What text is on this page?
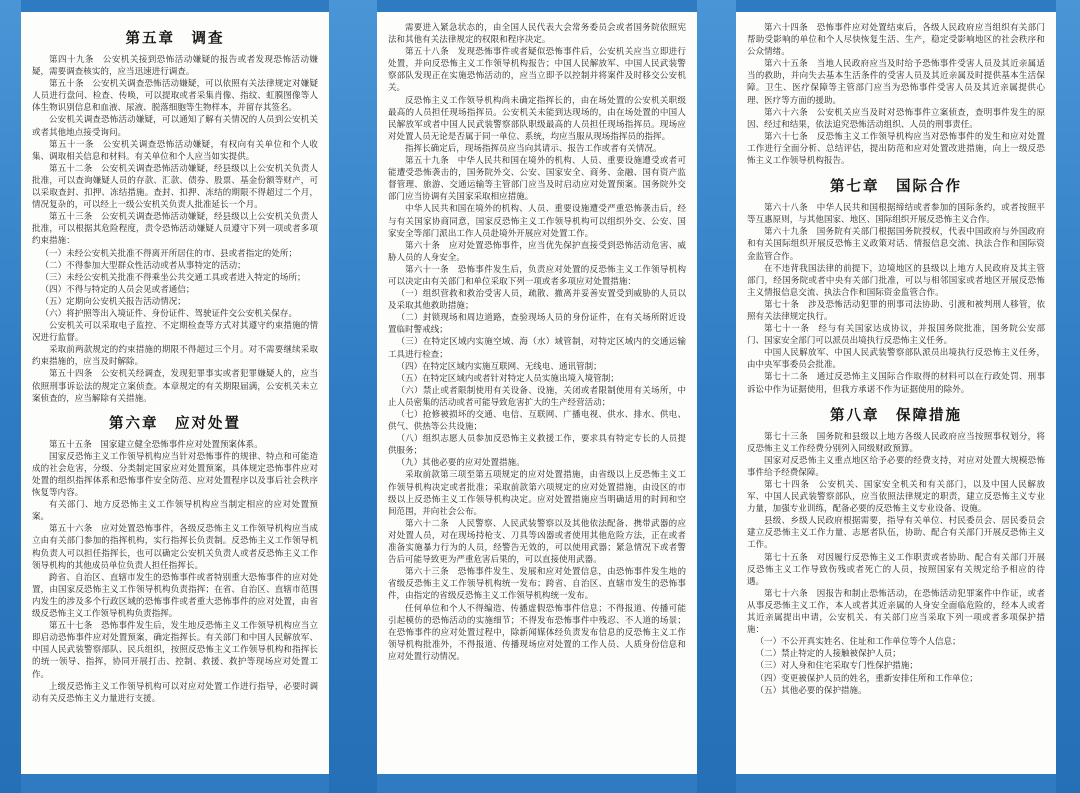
第五章　调查

第四十九条　公安机关接到恐怖活动嫌疑的报告或者发现恐怖活动嫌疑，需要调查核实的，应当迅速进行调查。

第五十条　公安机关调查恐怖活动嫌疑，可以依照有关法律规定对嫌疑人员进行盘问、检查、传唤，可以提取或者采集肖像、指纹、虹膜图像等人体生物识别信息和血液、尿液、脱落细胞等生物样本，并留存其签名。

公安机关调查恐怖活动嫌疑，可以通知了解有关情况的人员到公安机关或者其他地点接受询问。

第五十一条　公安机关调查恐怖活动嫌疑，有权向有关单位和个人收集、调取相关信息和材料。有关单位和个人应当如实提供。

第五十二条　公安机关调查恐怖活动嫌疑，经县级以上公安机关负责人批准，可以查询嫌疑人员的存款、汇款、债券、股票、基金份额等财产，可以采取查封、扣押、冻结措施。查封、扣押、冻结的期限不得超过二个月，情况复杂的，可以经上一级公安机关负责人批准延长一个月。

第五十三条　公安机关调查恐怖活动嫌疑，经县级以上公安机关负责人批准，可以根据其危险程度，责令恐怖活动嫌疑人员遵守下列一项或者多项约束措施：

（一）未经公安机关批准不得离开所居住的市、县或者指定的处所；

（二）不得参加大型群众性活动或者从事特定的活动；

（三）未经公安机关批准不得乘坐公共交通工具或者进入特定的场所；

（四）不得与特定的人员会见或者通信；

（五）定期向公安机关报告活动情况；

（六）将护照等出入境证件、身份证件、驾驶证件交公安机关保存。

公安机关可以采取电子监控、不定期检查等方式对其遵守约束措施的情况进行监督。

采取前两款规定的约束措施的期限不得超过三个月。对不需要继续采取约束措施的，应当及时解除。

第五十四条　公安机关经调查，发现犯罪事实或者犯罪嫌疑人的，应当依照刑事诉讼法的规定立案侦查。本章规定的有关期限届满，公安机关未立案侦查的，应当解除有关措施。

第六章　应对处置

第五十五条　国家建立健全恐怖事件应对处置预案体系。

国家反恐怖主义工作领导机构应当针对恐怖事件的规律、特点和可能造成的社会危害，分级、分类制定国家应对处置预案，具体规定恐怖事件应对处置的组织指挥体系和恐怖事件安全防范、应对处置程序以及事后社会秩序恢复等内容。

有关部门、地方反恐怖主义工作领导机构应当制定相应的应对处置预案。

第五十六条　应对处置恐怖事件，各级反恐怖主义工作领导机构应当成立由有关部门参加的指挥机构，实行指挥长负责制。反恐怖主义工作领导机构负责人可以担任指挥长，也可以确定公安机关负责人或者反恐怖主义工作领导机构的其他成员单位负责人担任指挥长。

跨省、自治区、直辖市发生的恐怖事件或者特别重大恐怖事件的应对处置，由国家反恐怖主义工作领导机构负责指挥；在省、自治区、直辖市范围内发生的涉及多个行政区域的恐怖事件或者重大恐怖事件的应对处置，由省级反恐怖主义工作领导机构负责指挥。

第五十七条　恐怖事件发生后，发生地反恐怖主义工作领导机构应当立即启动恐怖事件应对处置预案，确定指挥长。有关部门和中国人民解放军、中国人民武装警察部队、民兵组织，按照反恐怖主义工作领导机构和指挥长的统一领导、指挥，协同开展打击、控制、救援、救护等现场应对处置工作。

上级反恐怖主义工作领导机构可以对应对处置工作进行指导，必要时调动有关反恐怖主义力量进行支援。

需要进入紧急状态的，由全国人民代表大会常务委员会或者国务院依照宪法和其他有关法律规定的权限和程序决定。

第五十八条　发现恐怖事件或者疑似恐怖事件后，公安机关应当立即进行处置，并向反恐怖主义工作领导机构报告；中国人民解放军、中国人民武装警察部队发现正在实施恐怖活动的，应当立即予以控制并将案件及时移交公安机关。

反恐怖主义工作领导机构尚未确定指挥长的，由在场处置的公安机关职级最高的人员担任现场指挥员。公安机关未能到达现场的，由在场处置的中国人民解放军或者中国人民武装警察部队职级最高的人员担任现场指挥员。现场应对处置人员无论是否属于同一单位、系统，均应当服从现场指挥员的指挥。

指挥长确定后，现场指挥员应当向其请示、报告工作或者有关情况。

第五十九条　中华人民共和国在境外的机构、人员、重要设施遭受或者可能遭受恐怖袭击的，国务院外交、公安、国家安全、商务、金融、国有资产监督管理、旅游、交通运输等主管部门应当及时启动应对处置预案。国务院外交部门应当协调有关国家采取相应措施。

中华人民共和国在境外的机构、人员、重要设施遭受严重恐怖袭击后，经与有关国家协商同意，国家反恐怖主义工作领导机构可以组织外交、公安、国家安全等部门派出工作人员赴境外开展应对处置工作。

第六十条　应对处置恐怖事件，应当优先保护直接受到恐怖活动危害、威胁人员的人身安全。

第六十一条　恐怖事件发生后，负责应对处置的反恐怖主义工作领导机构可以决定由有关部门和单位采取下列一项或者多项应对处置措施：

（一）组织营救和救治受害人员，疏散、撤离并妥善安置受到威胁的人员以及采取其他救助措施；

（二）封锁现场和周边道路，查验现场人员的身份证件，在有关场所附近设置临时警戒线；

（三）在特定区域内实施空域、海（水）域管制，对特定区域内的交通运输工具进行检查；

（四）在特定区域内实施互联网、无线电、通讯管制；

（五）在特定区域内或者针对特定人员实施出境入境管制；

（六）禁止或者限制使用有关设备、设施，关闭或者限制使用有关场所，中止人员密集的活动或者可能导致危害扩大的生产经营活动；

（七）抢修被损坏的交通、电信、互联网、广播电视、供水、排水、供电、供气、供热等公共设施；

（八）组织志愿人员参加反恐怖主义救援工作，要求具有特定专长的人员提供服务；

（九）其他必要的应对处置措施。

采取前款第三项至第五项规定的应对处置措施，由省级以上反恐怖主义工作领导机构决定或者批准；采取前款第六项规定的应对处置措施，由设区的市级以上反恐怖主义工作领导机构决定。应对处置措施应当明确适用的时间和空间范围，并向社会公布。

第六十二条　人民警察、人民武装警察以及其他依法配备、携带武器的应对处置人员，对在现场持枪支、刀具等凶器或者使用其他危险方法，正在或者准备实施暴力行为的人员，经警告无效的，可以使用武器；紧急情况下或者警告后可能导致更为严重危害后果的，可以直接使用武器。

第六十三条　恐怖事件发生、发展和应对处置信息，由恐怖事件发生地的省级反恐怖主义工作领导机构统一发布；跨省、自治区、直辖市发生的恐怖事件，由指定的省级反恐怖主义工作领导机构统一发布。

任何单位和个人不得编造、传播虚假恐怖事件信息；不得报道、传播可能引起模仿的恐怖活动的实施细节；不得发布恐怖事件中残忍、不人道的场景；在恐怖事件的应对处置过程中，除新闻媒体经负责发布信息的反恐怖主义工作领导机构批准外，不得报道、传播现场应对处置的工作人员、人质身份信息和应对处置行动情况。

第六十四条　恐怖事件应对处置结束后，各级人民政府应当组织有关部门帮助受影响的单位和个人尽快恢复生活、生产，稳定受影响地区的社会秩序和公众情绪。

第六十五条　当地人民政府应当及时给予恐怖事件受害人员及其近亲属适当的救助，并向失去基本生活条件的受害人员及其近亲属及时提供基本生活保障。卫生、医疗保障等主管部门应当为恐怖事件受害人员及其近亲属提供心理、医疗等方面的援助。

第六十六条　公安机关应当及时对恐怖事件立案侦查，查明事件发生的原因、经过和结果，依法追究恐怖活动组织、人员的刑事责任。

第六十七条　反恐怖主义工作领导机构应当对恐怖事件的发生和应对处置工作进行全面分析、总结评估，提出防范和应对处置改进措施，向上一级反恐怖主义工作领导机构报告。

第七章　国际合作

第六十八条　中华人民共和国根据缔结或者参加的国际条约，或者按照平等互惠原则，与其他国家、地区、国际组织开展反恐怖主义合作。

第六十九条　国务院有关部门根据国务院授权，代表中国政府与外国政府和有关国际组织开展反恐怖主义政策对话、情报信息交流、执法合作和国际资金监管合作。

在不违背我国法律的前提下，边境地区的县级以上地方人民政府及其主管部门，经国务院或者中央有关部门批准，可以与相邻国家或者地区开展反恐怖主义情报信息交流、执法合作和国际资金监管合作。

第七十条　涉及恐怖活动犯罪的刑事司法协助、引渡和被判刑人移管，依照有关法律规定执行。

第七十一条　经与有关国家达成协议，并报国务院批准，国务院公安部门、国家安全部门可以派员出境执行反恐怖主义任务。

中国人民解放军、中国人民武装警察部队派员出境执行反恐怖主义任务，由中央军事委员会批准。

第七十二条　通过反恐怖主义国际合作取得的材料可以在行政处罚、刑事诉讼中作为证据使用，但我方承诺不作为证据使用的除外。

第八章　保障措施

第七十三条　国务院和县级以上地方各级人民政府应当按照事权划分，将反恐怖主义工作经费分别列入同级财政预算。

国家对反恐怖主义重点地区给予必要的经费支持，对应对处置大规模恐怖事件给予经费保障。

第七十四条　公安机关、国家安全机关和有关部门，以及中国人民解放军、中国人民武装警察部队，应当依照法律规定的职责，建立反恐怖主义专业力量，加强专业训练，配备必要的反恐怖主义专业设备、设施。

县级、乡级人民政府根据需要，指导有关单位、村民委员会、居民委员会建立反恐怖主义工作力量、志愿者队伍，协助、配合有关部门开展反恐怖主义工作。

第七十五条　对因履行反恐怖主义工作职责或者协助、配合有关部门开展反恐怖主义工作导致伤残或者死亡的人员，按照国家有关规定给予相应的待遇。

第七十六条　因报告和制止恐怖活动，在恐怖活动犯罪案件中作证，或者从事反恐怖主义工作，本人或者其近亲属的人身安全面临危险的，经本人或者其近亲属提出申请，公安机关、有关部门应当采取下列一项或者多项保护措施：

（一）不公开真实姓名、住址和工作单位等个人信息；

（二）禁止特定的人接触被保护人员；

（三）对人身和住宅采取专门性保护措施；

（四）变更被保护人员的姓名，重新安排住所和工作单位；

（五）其他必要的保护措施。
